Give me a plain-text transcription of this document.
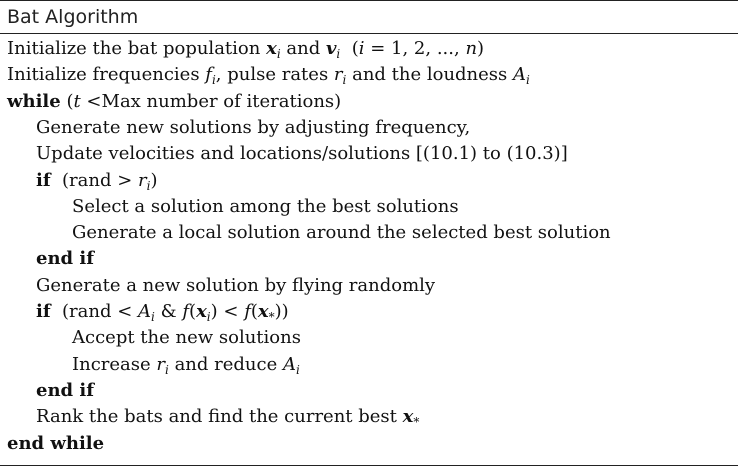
Bat Algorithm
Initialize the bat population $x_i$ and $v_i$  (i = 1, 2, ..., n)
Initialize frequencies $f_i$, pulse rates $r_i$ and the loudness $A_i$
while (t <Max number of iterations)
Generate new solutions by adjusting frequency,
Update velocities and locations/solutions [(10.1) to (10.3)]
if  (rand > $r_i$)
Select a solution among the best solutions
Generate a local solution around the selected best solution
end if
Generate a new solution by flying randomly
if  (rand < $A_i$ & $f(x_i) < f(x_*)$)
Accept the new solutions
Increase $r_i$ and reduce $A_i$
end if
Rank the bats and find the current best $x_*$
end while
